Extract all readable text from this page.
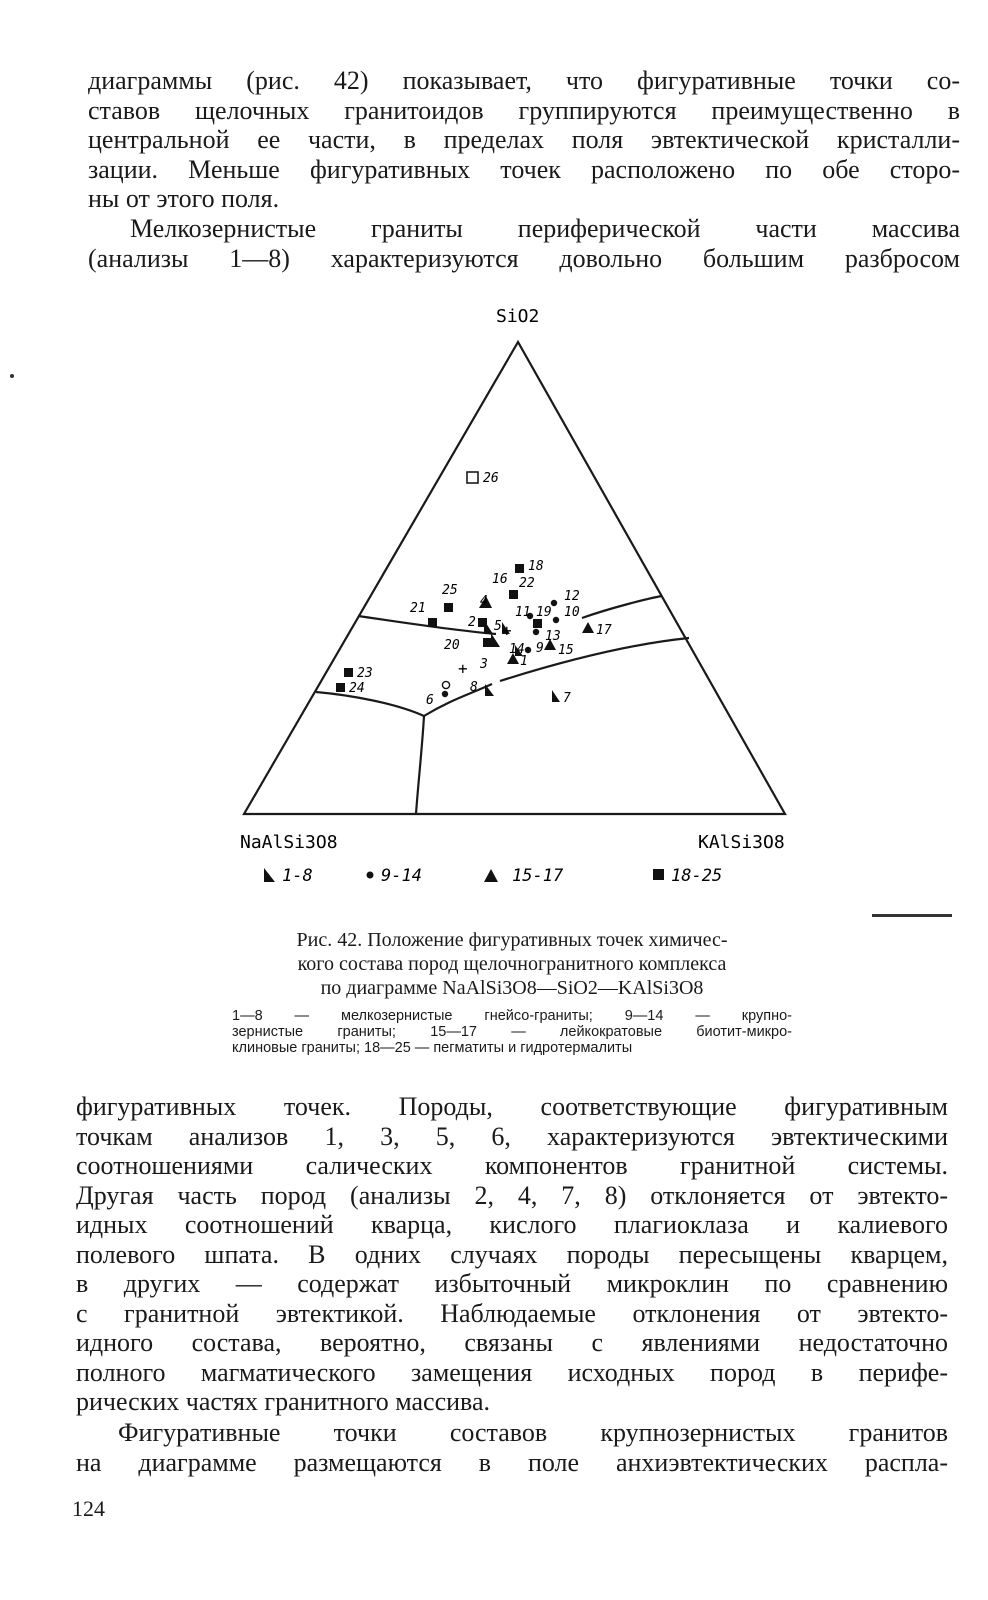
диаграммы (рис. 42) показывает, что фигуративные точки со-
ставов щелочных гранитоидов группируются преимущественно в
центральной ее части, в пределах поля эвтектической кристалли-
зации. Меньше фигуративных точек расположено по обе сторо-
ны от этого поля.
Мелкозернистые граниты периферической части массива
(анализы 1—8) характеризуются довольно большим разбросом
SiO2
NaAlSi3O8	KAlSi3O8
+
+
26
18
16 22
25
4	12
21	11 19 10
2 5	17
20
13
9 15
3 1
23
24
6
8
7
14
1-8	9-14	15-17	18-25
Рис. 42. Положение фигуративных точек химичес-
кого состава пород щелочногранитного комплекса
по диаграмме NaAlSi3O8—SiO2—KAlSi3O8
1—8 — мелкозернистые гнейсо-граниты; 9—14 — крупно-
зернистые граниты; 15—17 — лейкократовые биотит-микро-
клиновые граниты; 18—25 — пегматиты и гидротермалиты
фигуративных точек. Породы, соответствующие фигуративным
точкам анализов 1, 3, 5, 6, характеризуются эвтектическими
соотношениями салических компонентов гранитной системы.
Другая часть пород (анализы 2, 4, 7, 8) отклоняется от эвтекто-
идных соотношений кварца, кислого плагиоклаза и калиевого
полевого шпата. В одних случаях породы пересыщены кварцем,
в других — содержат избыточный микроклин по сравнению
с гранитной эвтектикой. Наблюдаемые отклонения от эвтекто-
идного состава, вероятно, связаны с явлениями недостаточно
полного магматического замещения исходных пород в перифе-
рических частях гранитного массива.
Фигуративные точки составов крупнозернистых гранитов
на диаграмме размещаются в поле анхиэвтектических распла-
124
